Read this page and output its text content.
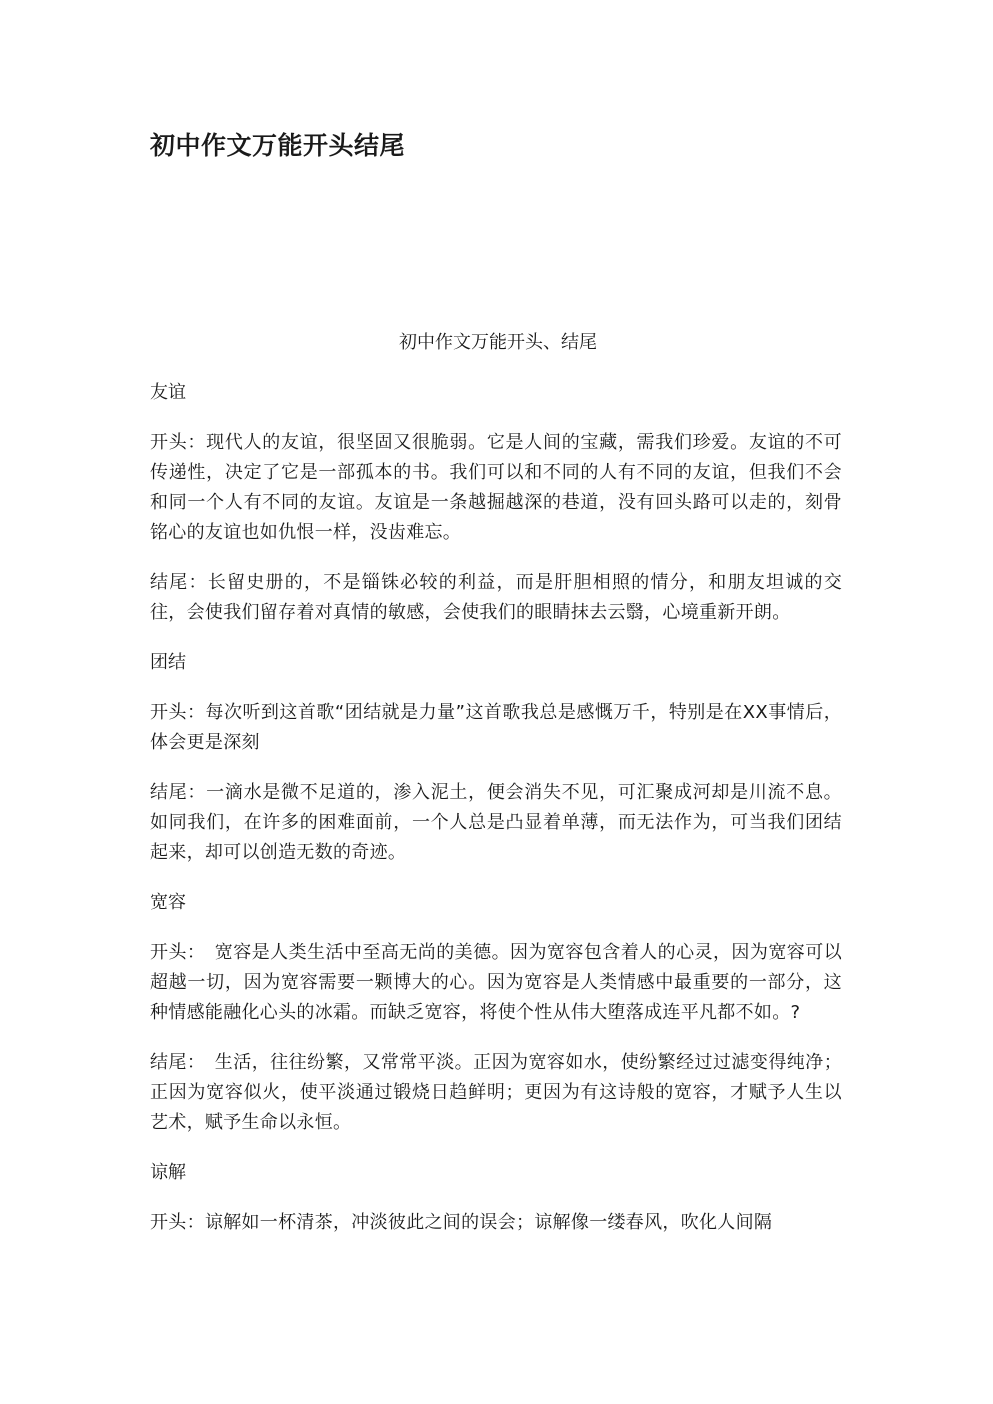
初中作文万能开头结尾

初中作文万能开头、结尾

友谊

开头：现代人的友谊，很坚固又很脆弱。它是人间的宝藏，需我们珍爱。友谊的不可传递性，决定了它是一部孤本的书。我们可以和不同的人有不同的友谊，但我们不会和同一个人有不同的友谊。友谊是一条越掘越深的巷道，没有回头路可以走的，刻骨铭心的友谊也如仇恨一样，没齿难忘。

结尾：长留史册的，不是锱铢必较的利益，而是肝胆相照的情分，和朋友坦诚的交往，会使我们留存着对真情的敏感，会使我们的眼睛抹去云翳，心境重新开朗。

团结

开头：每次听到这首歌“团结就是力量”这首歌我总是感慨万千，特别是在XX事情后，体会更是深刻

结尾：一滴水是微不足道的，渗入泥土，便会消失不见，可汇聚成河却是川流不息。如同我们，在许多的困难面前，一个人总是凸显着单薄，而无法作为，可当我们团结起来，却可以创造无数的奇迹。

宽容

开头：　宽容是人类生活中至高无尚的美德。因为宽容包含着人的心灵，因为宽容可以超越一切，因为宽容需要一颗博大的心。因为宽容是人类情感中最重要的一部分，这种情感能融化心头的冰霜。而缺乏宽容，将使个性从伟大堕落成连平凡都不如。?

结尾：　生活，往往纷繁，又常常平淡。正因为宽容如水，使纷繁经过过滤变得纯净；正因为宽容似火，使平淡通过锻烧日趋鲜明；更因为有这诗般的宽容，才赋予人生以艺术，赋予生命以永恒。

谅解

开头：谅解如一杯清茶，冲淡彼此之间的误会；谅解像一缕春风，吹化人间隔
